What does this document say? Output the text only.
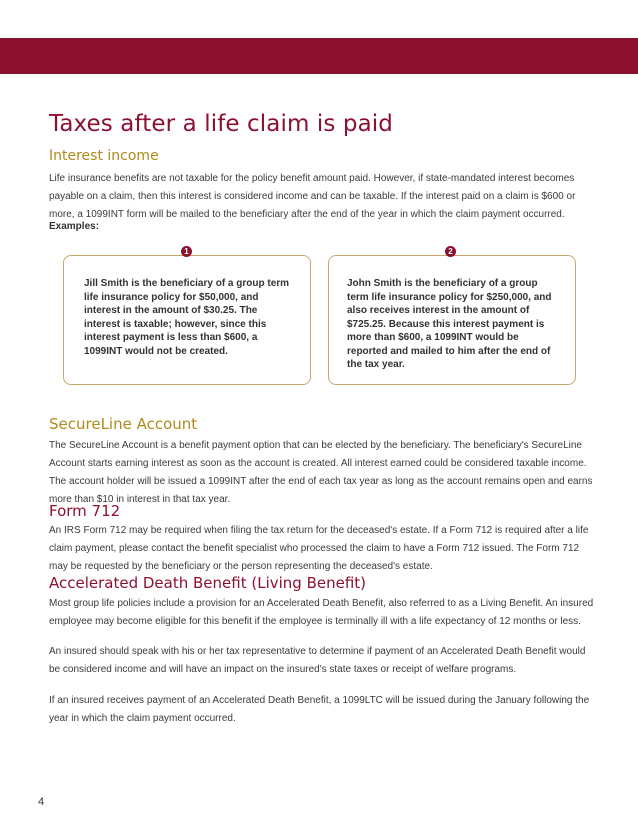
Taxes after a life claim is paid
Interest income

Life insurance benefits are not taxable for the policy benefit amount paid. However, if state-mandated interest becomes payable on a claim, then this interest is considered income and can be taxable. If the interest paid on a claim is $600 or more, a 1099INT form will be mailed to the beneficiary after the end of the year in which the claim payment occurred.

Examples:

1

Jill Smith is the beneficiary of a group term life insurance policy for $50,000, and interest in the amount of $30.25. The interest is taxable; however, since this interest payment is less than $600, a 1099INT would not be created.

2

John Smith is the beneficiary of a group term life insurance policy for $250,000, and also receives interest in the amount of $725.25. Because this interest payment is more than $600, a 1099INT would be reported and mailed to him after the end of the tax year.

SecureLine Account

The SecureLine Account is a benefit payment option that can be elected by the beneficiary. The beneficiary's SecureLine Account starts earning interest as soon as the account is created. All interest earned could be considered taxable income. The account holder will be issued a 1099INT after the end of each tax year as long as the account remains open and earns more than $10 in interest in that tax year.

Form 712

An IRS Form 712 may be required when filing the tax return for the deceased's estate. If a Form 712 is required after a life claim payment, please contact the benefit specialist who processed the claim to have a Form 712 issued. The Form 712 may be requested by the beneficiary or the person representing the deceased's estate.

Accelerated Death Benefit (Living Benefit)

Most group life policies include a provision for an Accelerated Death Benefit, also referred to as a Living Benefit. An insured employee may become eligible for this benefit if the employee is terminally ill with a life expectancy of 12 months or less.

An insured should speak with his or her tax representative to determine if payment of an Accelerated Death Benefit would be considered income and will have an impact on the insured's state taxes or receipt of welfare programs.

If an insured receives payment of an Accelerated Death Benefit, a 1099LTC will be issued during the January following the year in which the claim payment occurred.

4
